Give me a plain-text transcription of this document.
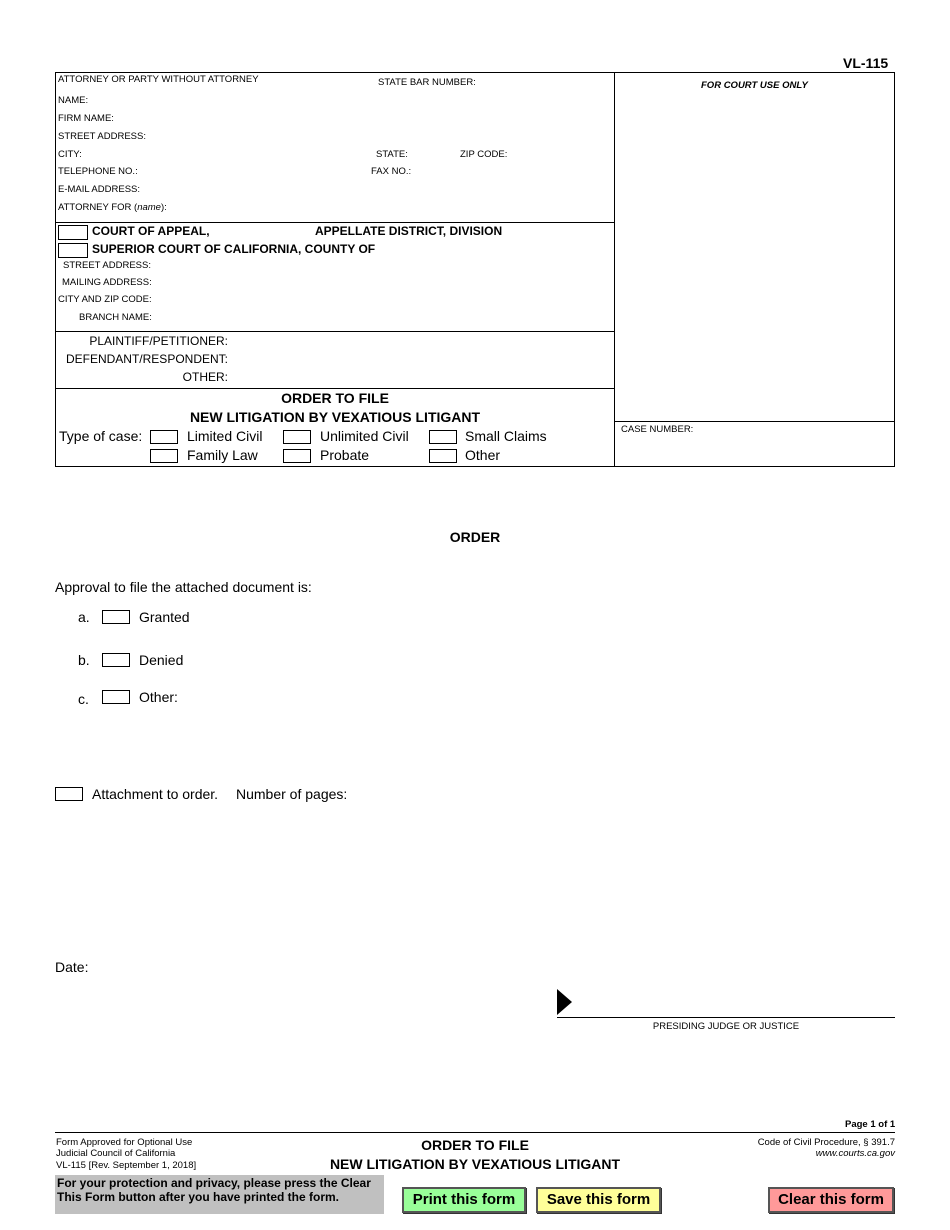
VL-115
ATTORNEY OR PARTY WITHOUT ATTORNEY	STATE BAR NUMBER:	FOR COURT USE ONLY
NAME:
FIRM NAME:
STREET ADDRESS:
CITY:	STATE:	ZIP CODE:
TELEPHONE NO.:	FAX NO.:
E-MAIL ADDRESS:
ATTORNEY FOR (name):
COURT OF APPEAL,	APPELLATE DISTRICT, DIVISION
SUPERIOR COURT OF CALIFORNIA, COUNTY OF
STREET ADDRESS:
MAILING ADDRESS:
CITY AND ZIP CODE:
BRANCH NAME:
PLAINTIFF/PETITIONER:
DEFENDANT/RESPONDENT:
OTHER:
ORDER TO FILE
NEW LITIGATION BY VEXATIOUS LITIGANT
Type of case:	Limited Civil	Unlimited Civil	Small Claims
Family Law	Probate	Other
CASE NUMBER:
ORDER
Approval to file the attached document is:
a.	Granted
b.	Denied
c.	Other:
Attachment to order. Number of pages:
Date:
PRESIDING JUDGE OR JUSTICE
Page 1 of 1
Form Approved for Optional Use
Judicial Council of California
VL-115 [Rev. September 1, 2018]
ORDER TO FILE
NEW LITIGATION BY VEXATIOUS LITIGANT
Code of Civil Procedure, § 391.7
www.courts.ca.gov
For your protection and privacy, please press the Clear This Form button after you have printed the form.	Print this form	Save this form	Clear this form
